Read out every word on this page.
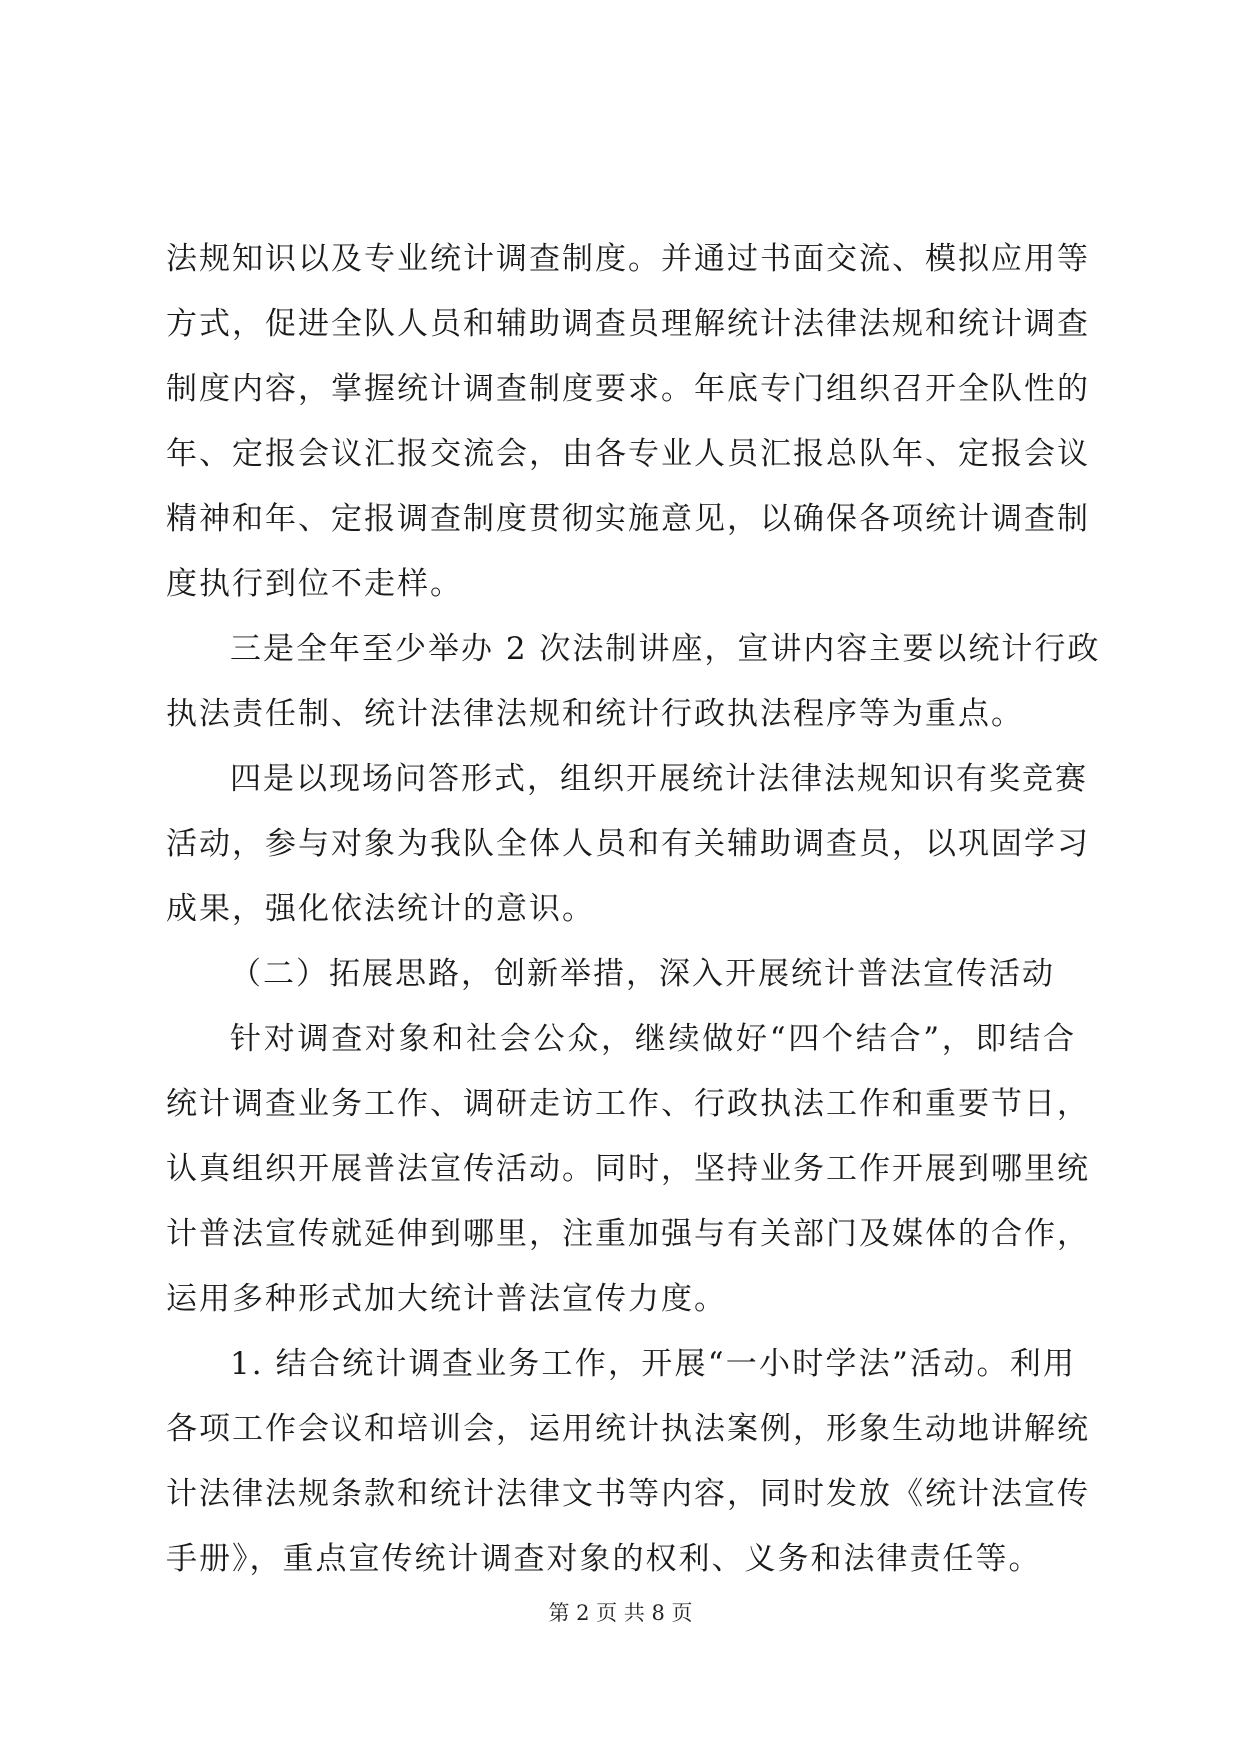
法规知识以及专业统计调查制度。并通过书面交流、模拟应用等
方式，促进全队人员和辅助调查员理解统计法律法规和统计调查
制度内容，掌握统计调查制度要求。年底专门组织召开全队性的
年、定报会议汇报交流会，由各专业人员汇报总队年、定报会议
精神和年、定报调查制度贯彻实施意见，以确保各项统计调查制
度执行到位不走样。
三是全年至少举办 2 次法制讲座，宣讲内容主要以统计行政
执法责任制、统计法律法规和统计行政执法程序等为重点。
四是以现场问答形式，组织开展统计法律法规知识有奖竞赛
活动，参与对象为我队全体人员和有关辅助调查员，以巩固学习
成果，强化依法统计的意识。
（二）拓展思路，创新举措，深入开展统计普法宣传活动
针对调查对象和社会公众，继续做好“四个结合”，即结合
统计调查业务工作、调研走访工作、行政执法工作和重要节日，
认真组织开展普法宣传活动。同时，坚持业务工作开展到哪里统
计普法宣传就延伸到哪里，注重加强与有关部门及媒体的合作，
运用多种形式加大统计普法宣传力度。
1. 结合统计调查业务工作，开展“一小时学法”活动。利用
各项工作会议和培训会，运用统计执法案例，形象生动地讲解统
计法律法规条款和统计法律文书等内容，同时发放《统计法宣传
手册》，重点宣传统计调查对象的权利、义务和法律责任等。
第 2 页 共 8 页
